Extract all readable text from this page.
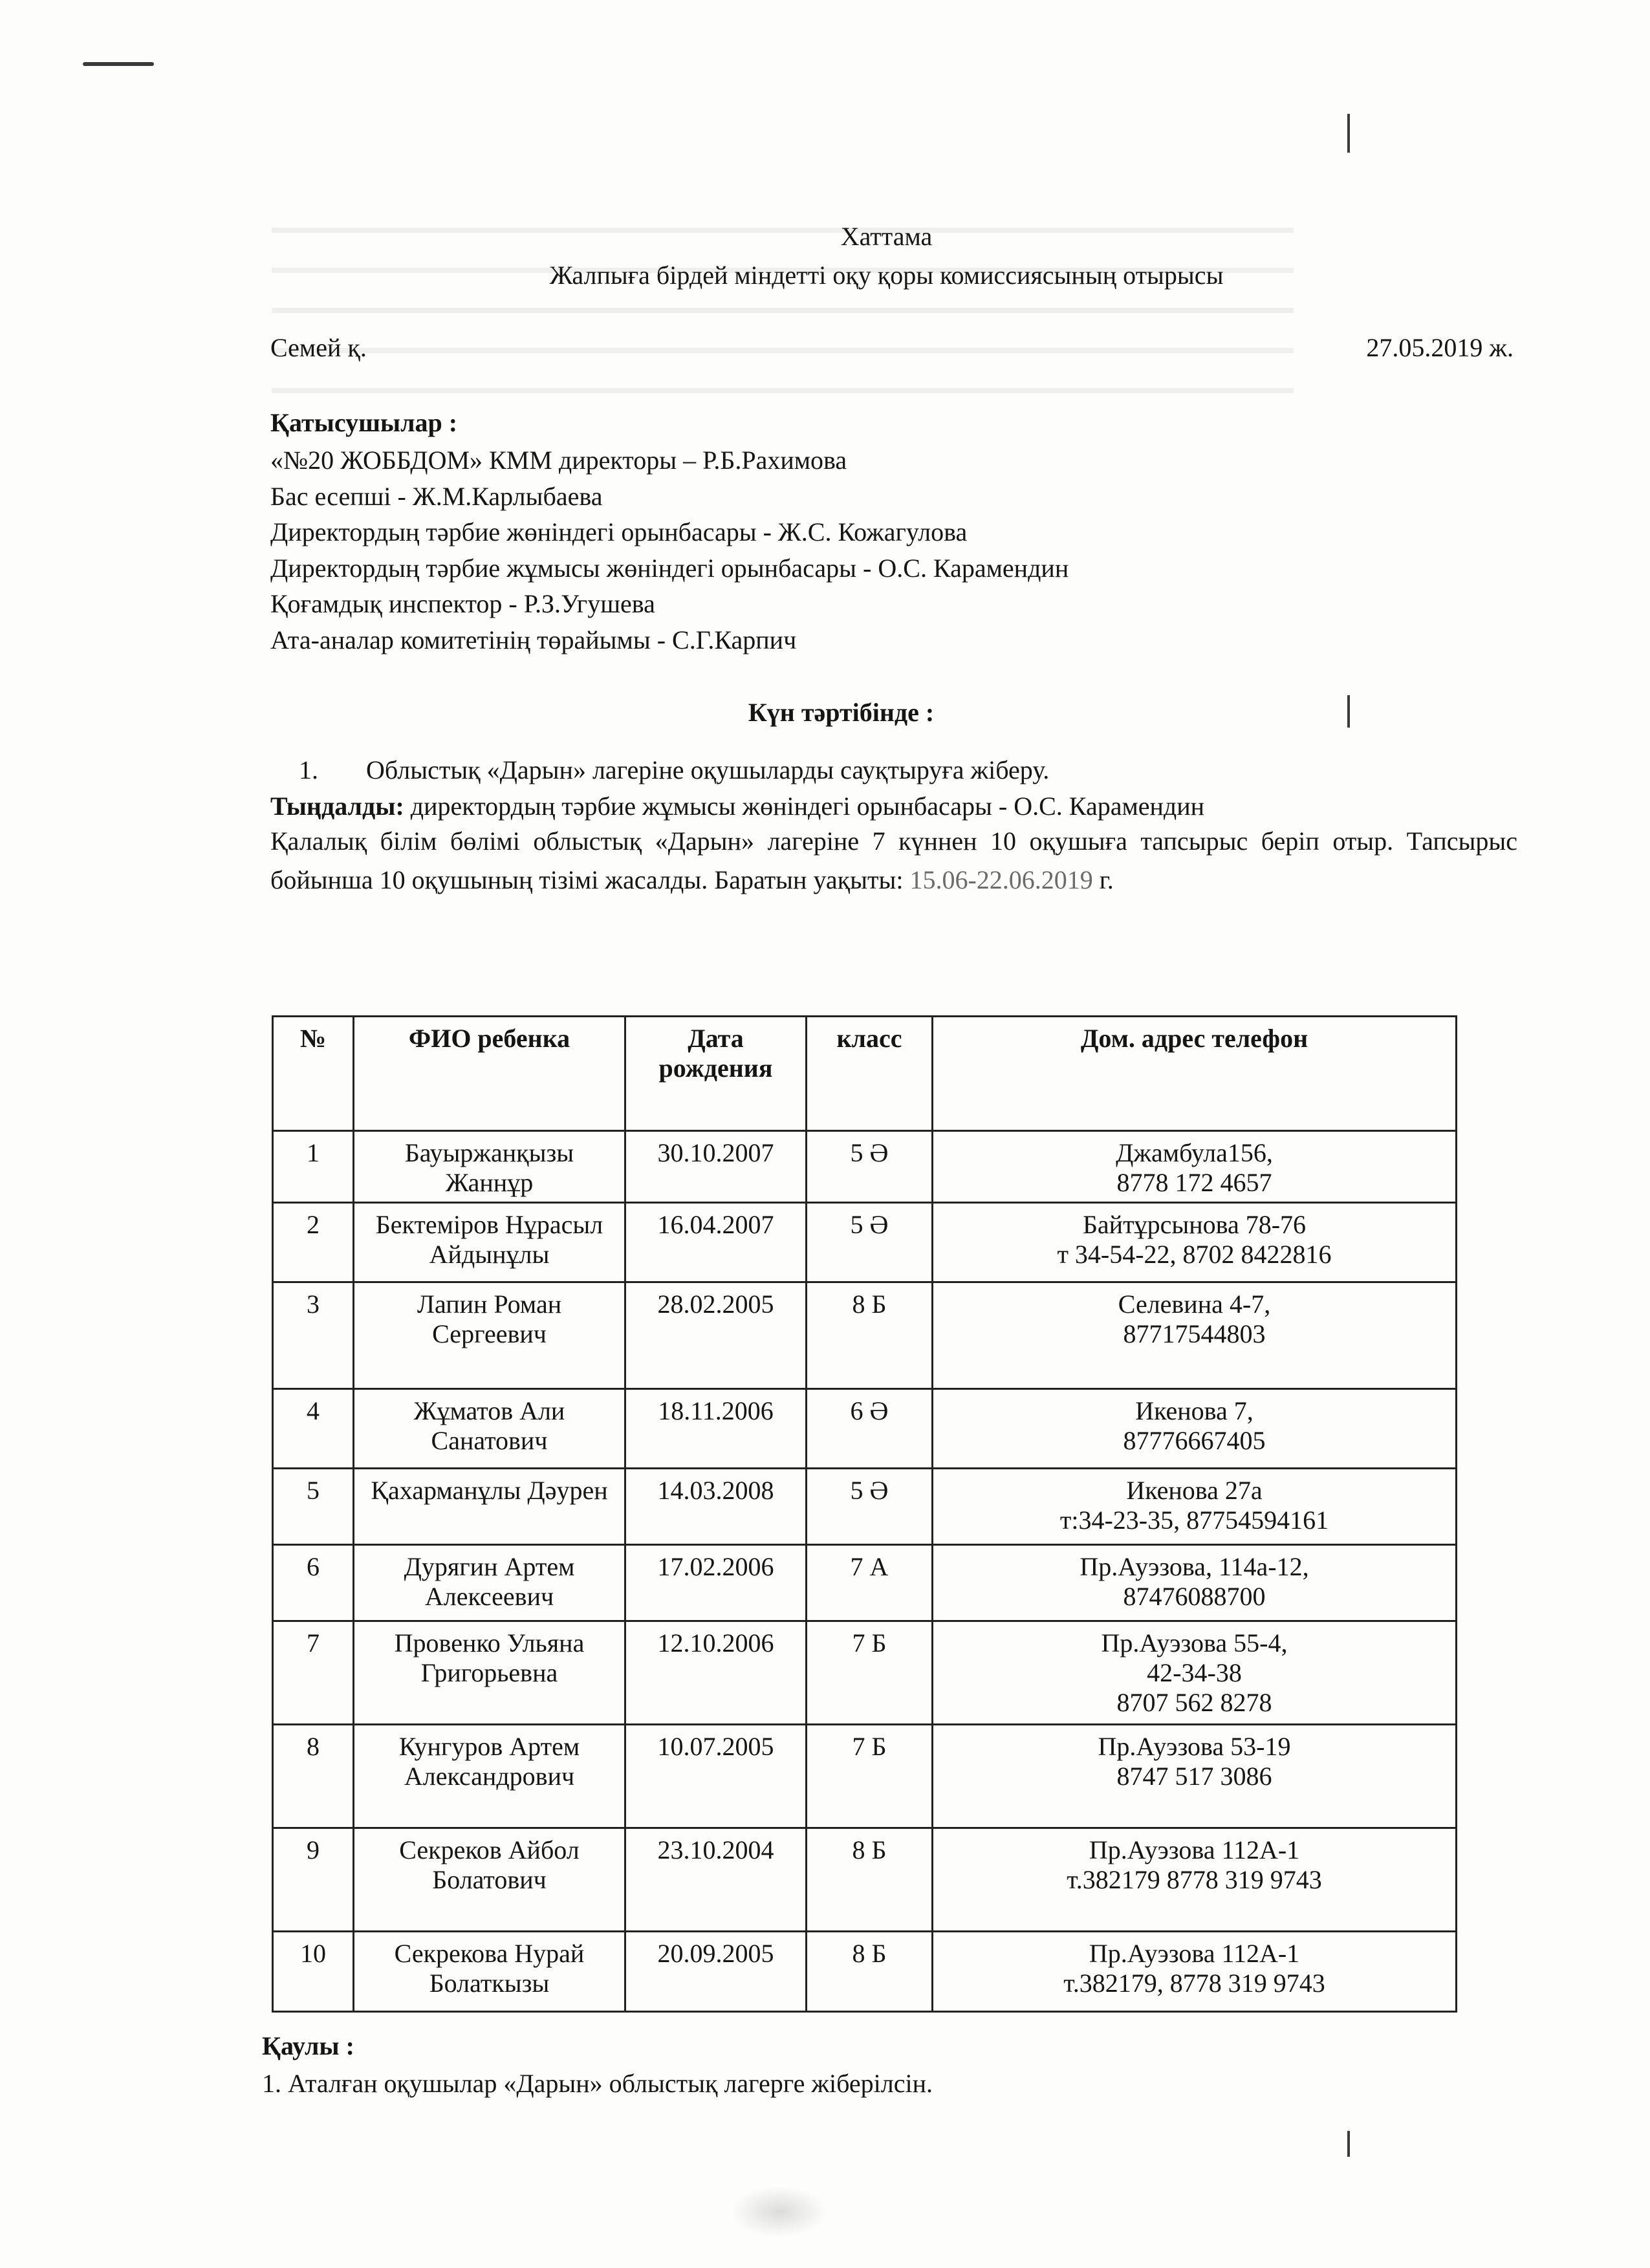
Хаттама
Жалпыға бірдей міндетті оқу қоры комиссиясының отырысы
Семей қ.	27.05.2019 ж.
Қатысушылар :
«№20 ЖОББДОМ» КММ директоры – Р.Б.Рахимова
Бас есепші - Ж.М.Карлыбаева
Директордың тәрбие жөніндегі орынбасары - Ж.С. Кожагулова
Директордың тәрбие жұмысы жөніндегі орынбасары - О.С. Карамендин
Қоғамдық инспектор - Р.З.Угушева
Ата-аналар комитетінің төрайымы - С.Г.Карпич
Күн тәртібінде :
1. Облыстық «Дарын» лагеріне оқушыларды сауқтыруға жіберу.
Тыңдалды: директордың тәрбие жұмысы жөніндегі орынбасары - О.С. Карамендин
Қалалық білім бөлімі облыстық «Дарын» лагеріне 7 күннен 10 оқушыға тапсырыс беріп отыр. Тапсырыс бойынша 10 оқушының тізімі жасалды. Баратын уақыты: 15.06-22.06.2019 г.
№	ФИО ребенка	Дата рождения	класс	Дом. адрес телефон
1	Бауыржанқызы Жаннұр	30.10.2007	5 Ә	Джамбула156,
8778 172 4657
2	Бектеміров Нұрасыл Айдынұлы	16.04.2007	5 Ә	Байтұрсынова 78-76
т 34-54-22, 8702 8422816
3	Лапин Роман Сергеевич	28.02.2005	8 Б	Селевина 4-7,
87717544803
4	Жұматов Али Санатович	18.11.2006	6 Ә	Икенова 7,
87776667405
5	Қахарманұлы Дәурен	14.03.2008	5 Ә	Икенова 27а
т:34-23-35, 87754594161
6	Дурягин Артем Алексеевич	17.02.2006	7 А	Пр.Ауэзова, 114а-12,
87476088700
7	Провенко Ульяна Григорьевна	12.10.2006	7 Б	Пр.Ауэзова 55-4,
42-34-38
8707 562 8278
8	Кунгуров Артем Александрович	10.07.2005	7 Б	Пр.Ауэзова 53-19
8747 517 3086
9	Секреков Айбол Болатович	23.10.2004	8 Б	Пр.Ауэзова 112А-1
т.382179 8778 319 9743
10	Секрекова Нурай Болаткызы	20.09.2005	8 Б	Пр.Ауэзова 112А-1
т.382179, 8778 319 9743
Қаулы :
1. Аталған оқушылар «Дарын» облыстық лагерге жіберілсін.
